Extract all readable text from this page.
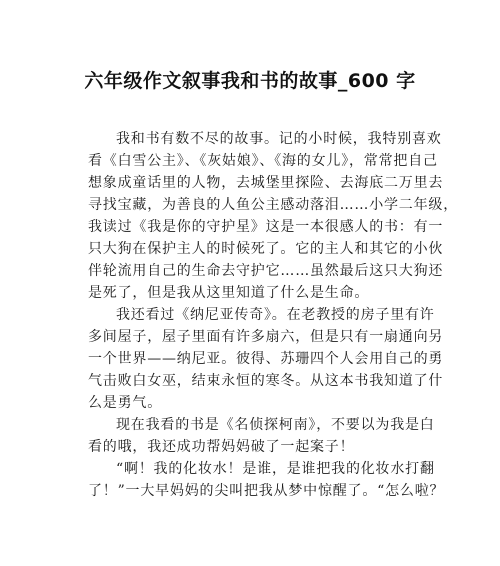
六年级作文叙事我和书的故事_600 字
我和书有数不尽的故事。记的小时候，我特别喜欢
看《白雪公主》、《灰姑娘》、《海的女儿》，常常把自己
想象成童话里的人物，去城堡里探险、去海底二万里去
寻找宝藏，为善良的人鱼公主感动落泪……小学二年级，
我读过《我是你的守护星》这是一本很感人的书：有一
只大狗在保护主人的时候死了。它的主人和其它的小伙
伴轮流用自己的生命去守护它……虽然最后这只大狗还
是死了，但是我从这里知道了什么是生命。
我还看过《纳尼亚传奇》。在老教授的房子里有许
多间屋子，屋子里面有许多扇六，但是只有一扇通向另
一个世界——纳尼亚。彼得、苏珊四个人会用自己的勇
气击败白女巫，结束永恒的寒冬。从这本书我知道了什
么是勇气。
现在我看的书是《名侦探柯南》，不要以为我是白
看的哦，我还成功帮妈妈破了一起案子！
“啊！我的化妆水！是谁，是谁把我的化妆水打翻
了！”一大早妈妈的尖叫把我从梦中惊醒了。“怎么啦？
